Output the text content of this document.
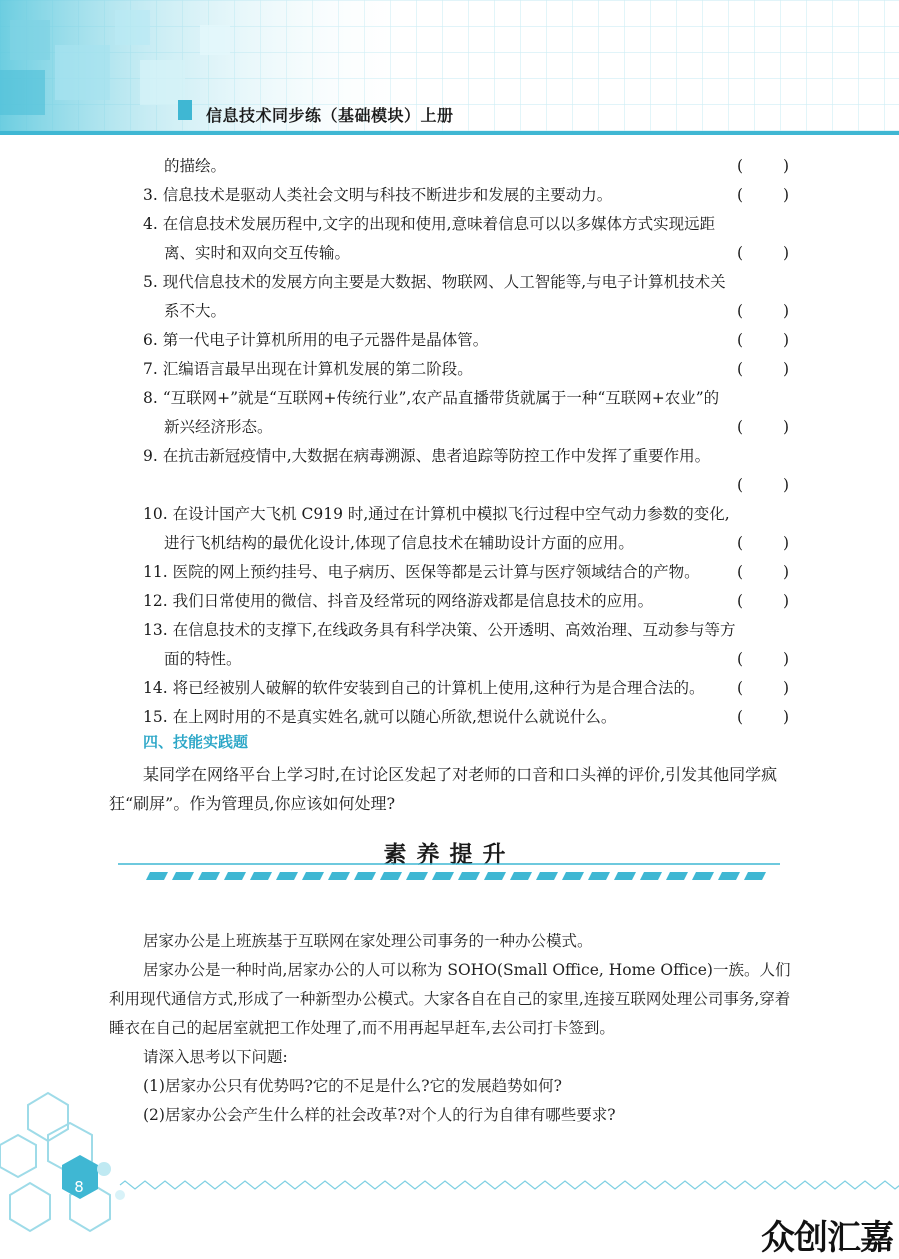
信息技术同步练（基础模块）上册
的描绘。	(	)
3. 信息技术是驱动人类社会文明与科技不断进步和发展的主要动力。	(	)
4. 在信息技术发展历程中,文字的出现和使用,意味着信息可以以多媒体方式实现远距
离、实时和双向交互传输。	(	)
5. 现代信息技术的发展方向主要是大数据、物联网、人工智能等,与电子计算机技术关
系不大。	(	)
6. 第一代电子计算机所用的电子元器件是晶体管。	(	)
7. 汇编语言最早出现在计算机发展的第二阶段。	(	)
8. “互联网+”就是“互联网+传统行业”,农产品直播带货就属于一种“互联网+农业”的
新兴经济形态。	(	)
9. 在抗击新冠疫情中,大数据在病毒溯源、患者追踪等防控工作中发挥了重要作用。
(	)
10. 在设计国产大飞机 C919 时,通过在计算机中模拟飞行过程中空气动力参数的变化,
进行飞机结构的最优化设计,体现了信息技术在辅助设计方面的应用。	(	)
11. 医院的网上预约挂号、电子病历、医保等都是云计算与医疗领域结合的产物。 (	)
12. 我们日常使用的微信、抖音及经常玩的网络游戏都是信息技术的应用。	(	)
13. 在信息技术的支撑下,在线政务具有科学决策、公开透明、高效治理、互动参与等方
面的特性。	(	)
14. 将已经被别人破解的软件安装到自己的计算机上使用,这种行为是合理合法的。 (	)
15. 在上网时用的不是真实姓名,就可以随心所欲,想说什么就说什么。	(	)
四、技能实践题

某同学在网络平台上学习时,在讨论区发起了对老师的口音和口头禅的评价,引发其他同学疯狂“刷屏”。作为管理员,你应该如何处理?

素养提升

居家办公是上班族基于互联网在家处理公司事务的一种办公模式。

居家办公是一种时尚,居家办公的人可以称为 SOHO(Small Office, Home Office)一族。人们利用现代通信方式,形成了一种新型办公模式。大家各自在自己的家里,连接互联网处理公司事务,穿着睡衣在自己的起居室就把工作处理了,而不用再起早赶车,去公司打卡签到。

请深入思考以下问题:

(1)居家办公只有优势吗?它的不足是什么?它的发展趋势如何?

(2)居家办公会产生什么样的社会改革?对个人的行为自律有哪些要求?

8
众创汇嘉
